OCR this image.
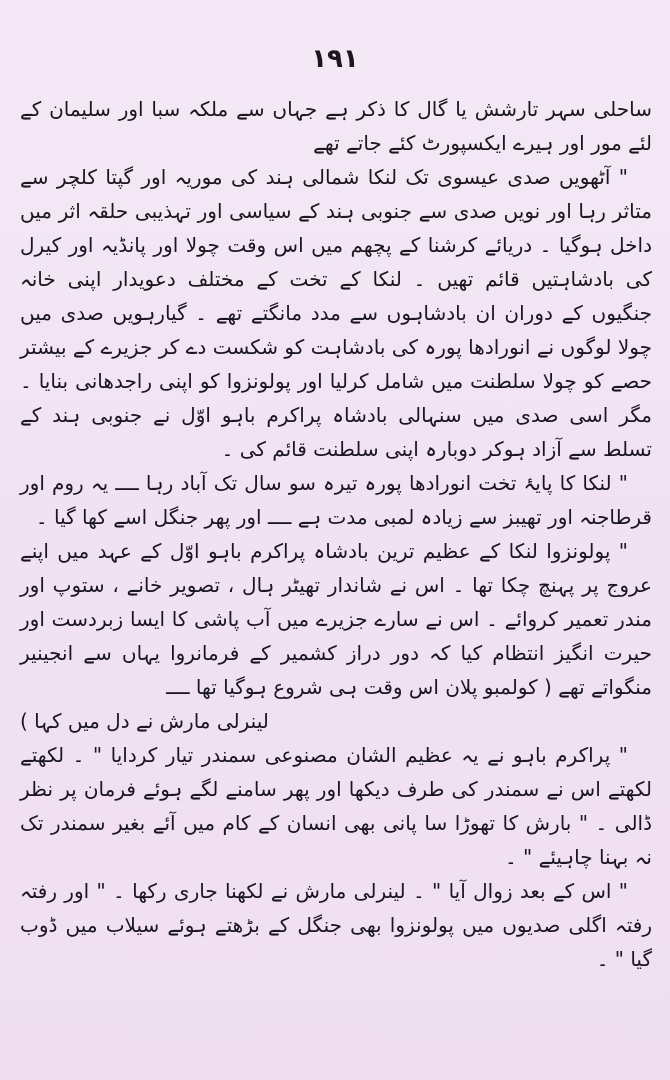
۱۹۱

ساحلی سہر تارشش یا گال کا ذکر ہے جہاں سے ملکہ سبا اور سلیمان کے لئے مور اور ہیرے ایکسپورٹ کئے جاتے تھے

" آٹھویں صدی عیسوی تک لنکا شمالی ہند کی موریہ اور گپتا کلچر سے متاثر رہا اور نویں صدی سے جنوبی ہند کے سیاسی اور تہذیبی حلقہ اثر میں داخل ہوگیا ۔ دریائے کرشنا کے پچھم میں اس وقت چولا اور پانڈیہ اور کیرل کی بادشاہتیں قائم تھیں ۔ لنکا کے تخت کے مختلف دعویدار اپنی خانہ جنگیوں کے دوران ان بادشاہوں سے مدد مانگتے تھے ۔ گیارہویں صدی میں چولا لوگوں نے انورادھا پورہ کی بادشاہت کو شکست دے کر جزیرے کے بیشتر حصے کو چولا سلطنت میں شامل کرلیا اور پولونزوا کو اپنی راجدھانی بنایا ۔ مگر اسی صدی میں سنہالی بادشاہ پراکرم باہو اوّل نے جنوبی ہند کے تسلط سے آزاد ہوکر دوبارہ اپنی سلطنت قائم کی ۔

" لنکا کا پایۂ تخت انورادھا پورہ تیرہ سو سال تک آباد رہا ــــ یہ روم اور قرطاجنہ اور تھیبز سے زیادہ لمبی مدت ہے ــــ اور پھر جنگل اسے کھا گیا ۔

" پولونزوا لنکا کے عظیم ترین بادشاہ پراکرم باہو اوّل کے عہد میں اپنے عروج پر پہنچ چکا تھا ۔ اس نے شاندار تھیٹر ہال ، تصویر خانے ، ستوپ اور مندر تعمیر کروائے ۔ اس نے سارے جزیرے میں آب پاشی کا ایسا زبردست اور حیرت انگیز انتظام کیا کہ دور دراز کشمیر کے فرمانروا یہاں سے انجینیر منگواتے تھے ( کولمبو پلان اس وقت ہی شروع ہوگیا تھا ــــ

لینرلی مارش نے دل میں کہا )

" پراکرم باہو نے یہ عظیم الشان مصنوعی سمندر تیار کردایا " ۔ لکھتے لکھتے اس نے سمندر کی طرف دیکھا اور پھر سامنے لگے ہوئے فرمان پر نظر ڈالی ۔ " بارش کا تھوڑا سا پانی بھی انسان کے کام میں آئے بغیر سمندر تک نہ بہنا چاہیئے " ۔

" اس کے بعد زوال آیا " ۔ لینرلی مارش نے لکھنا جاری رکھا ۔ " اور رفتہ رفتہ اگلی صدیوں میں پولونزوا بھی جنگل کے بڑھتے ہوئے سیلاب میں ڈوب گیا " ۔
